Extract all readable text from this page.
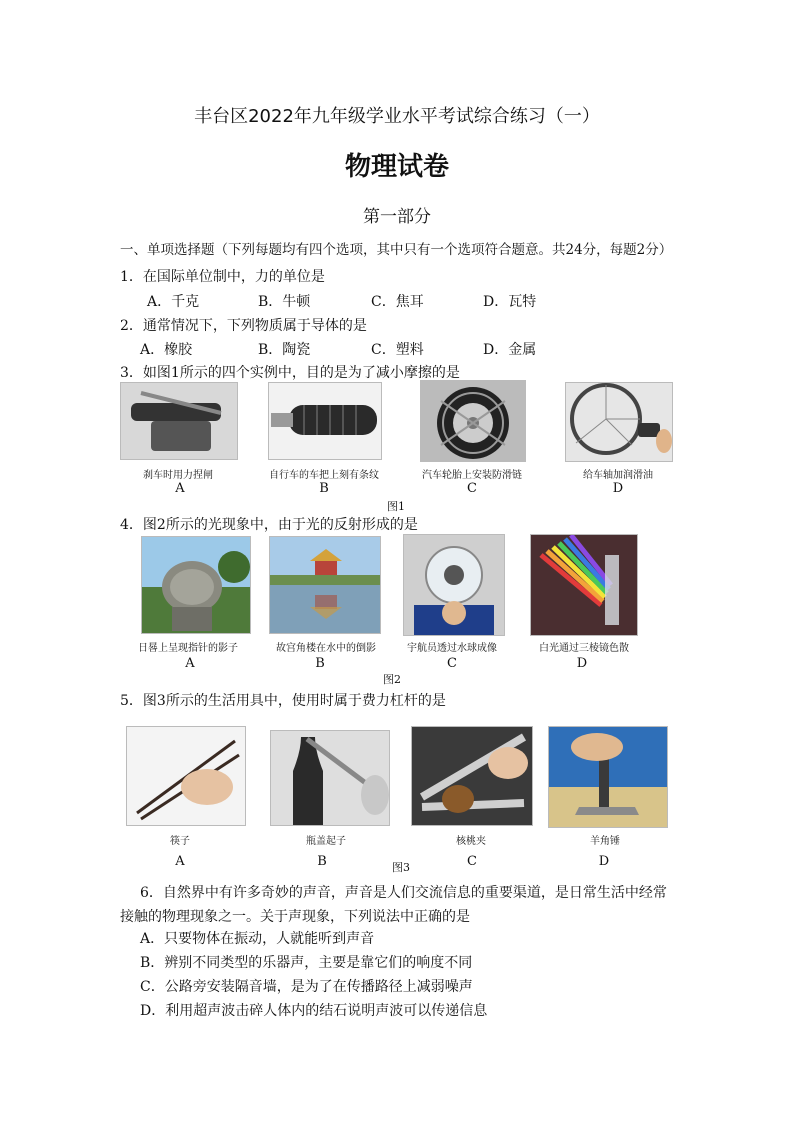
丰台区2022年九年级学业水平考试综合练习（一）
物理试卷
第一部分
一、单项选择题（下列每题均有四个选项，其中只有一个选项符合题意。共24分，每题2分）
1．在国际单位制中，力的单位是
A．千克	B．牛顿	C．焦耳	D．瓦特
2．通常情况下，下列物质属于导体的是
A．橡胶	B．陶瓷	C．塑料	D．金属
3．如图1所示的四个实例中，目的是为了减小摩擦的是
刹车时用力捏闸	自行车的车把上刻有条纹	汽车轮胎上安装防滑链	给车轴加润滑油
A	B	C	D
图1
4．图2所示的光现象中，由于光的反射形成的是
日晷上呈现指针的影子	故宫角楼在水中的倒影	宇航员透过水球成像	白光通过三棱镜色散
A	B	C	D
图2
5．图3所示的生活用具中，使用时属于费力杠杆的是
筷子	瓶盖起子	核桃夹	羊角锤
A	B	C	D
图3
6．自然界中有许多奇妙的声音，声音是人们交流信息的重要渠道，是日常生活中经常
接触的物理现象之一。关于声现象，下列说法中正确的是
A．只要物体在振动，人就能听到声音
B．辨别不同类型的乐器声，主要是靠它们的响度不同
C．公路旁安装隔音墙，是为了在传播路径上减弱噪声
D．利用超声波击碎人体内的结石说明声波可以传递信息
